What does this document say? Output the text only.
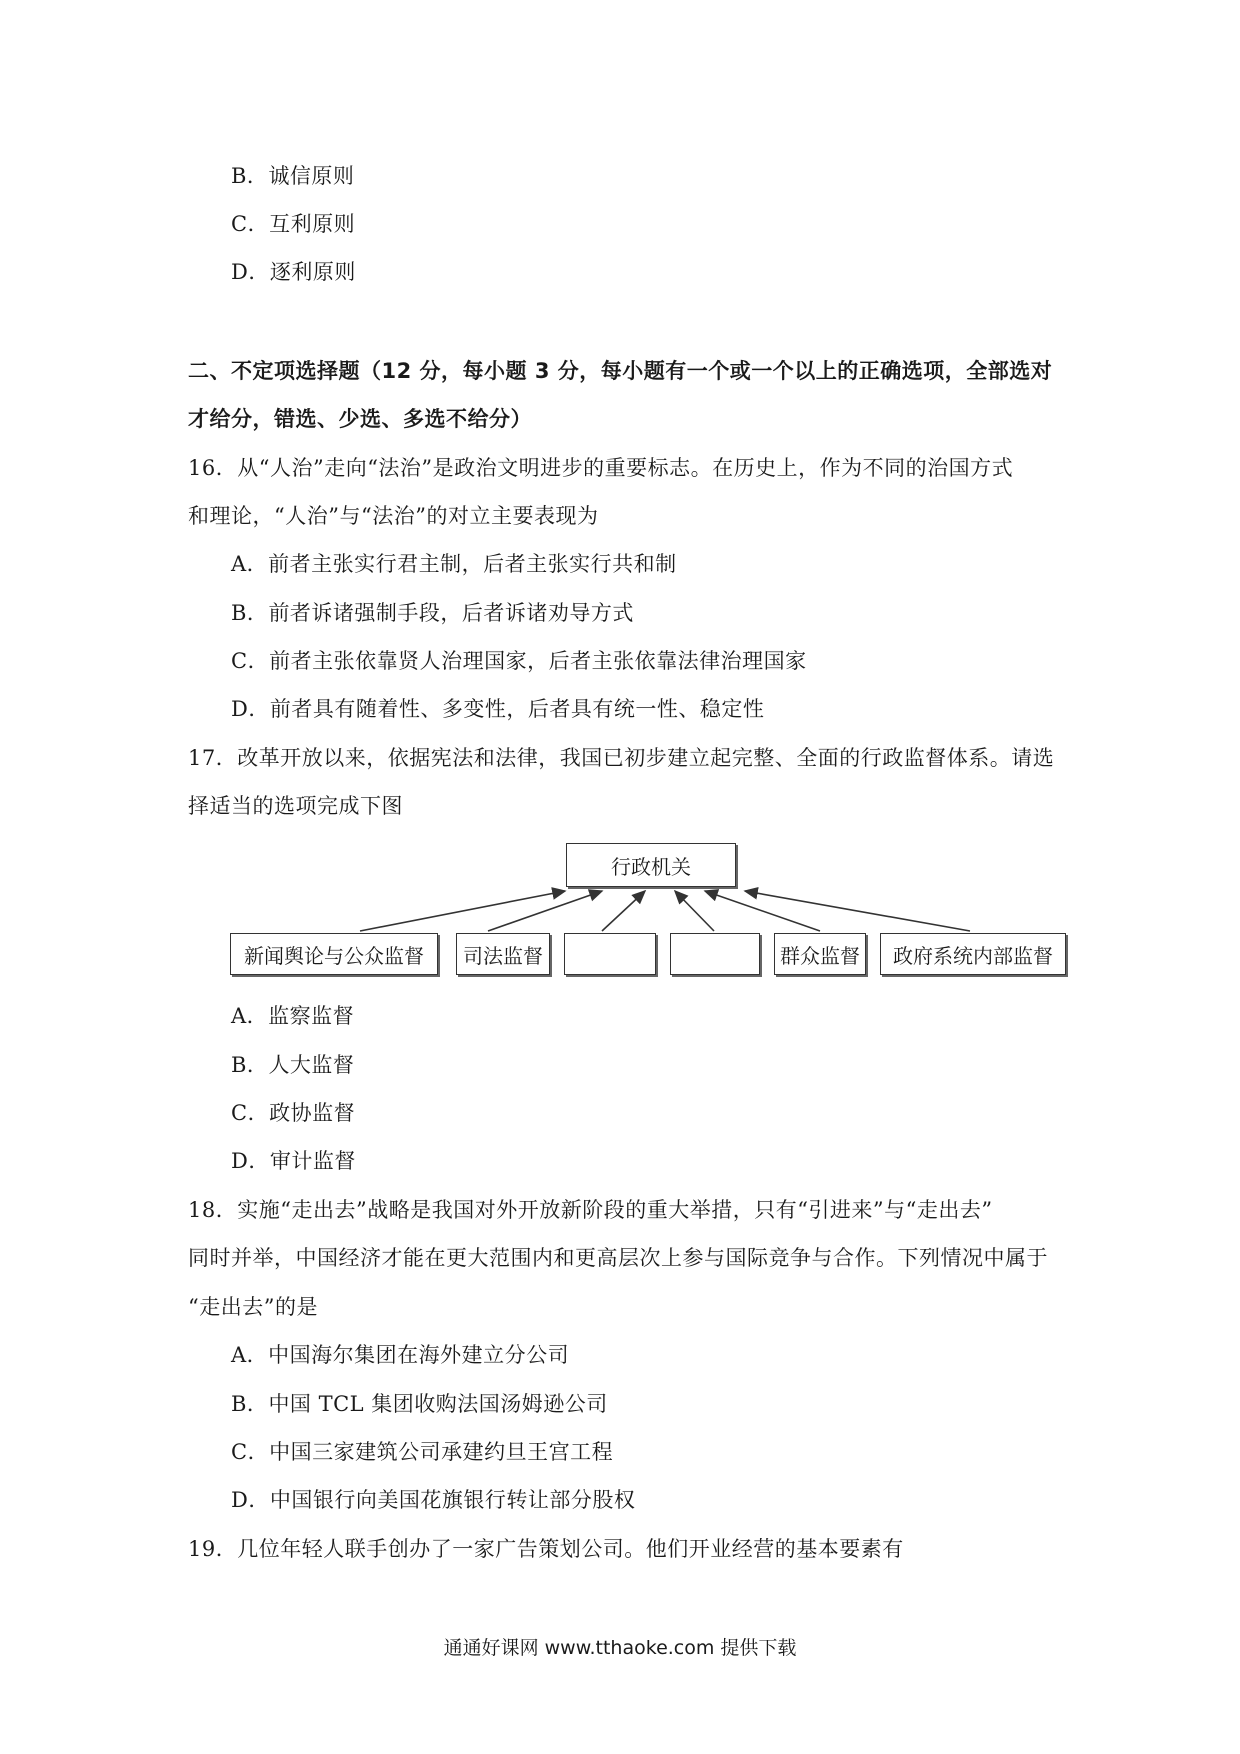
B．诚信原则
C．互利原则
D．逐利原则
二、不定项选择题（12 分，每小题 3 分，每小题有一个或一个以上的正确选项，全部选对
才给分，错选、少选、多选不给分）
16．从“人治”走向“法治”是政治文明进步的重要标志。在历史上，作为不同的治国方式
和理论，“人治”与“法治”的对立主要表现为
A．前者主张实行君主制，后者主张实行共和制
B．前者诉诸强制手段，后者诉诸劝导方式
C．前者主张依靠贤人治理国家，后者主张依靠法律治理国家
D．前者具有随着性、多变性，后者具有统一性、稳定性
17．改革开放以来，依据宪法和法律，我国已初步建立起完整、全面的行政监督体系。请选
择适当的选项完成下图
行政机关
新闻舆论与公众监督	司法监督	群众监督	政府系统内部监督
A．监察监督
B．人大监督
C．政协监督
D．审计监督
18．实施“走出去”战略是我国对外开放新阶段的重大举措，只有“引进来”与“走出去”
同时并举，中国经济才能在更大范围内和更高层次上参与国际竞争与合作。下列情况中属于
“走出去”的是
A．中国海尔集团在海外建立分公司
B．中国 TCL 集团收购法国汤姆逊公司
C．中国三家建筑公司承建约旦王宫工程
D．中国银行向美国花旗银行转让部分股权
19．几位年轻人联手创办了一家广告策划公司。他们开业经营的基本要素有
通通好课网 www.tthaoke.com 提供下载
